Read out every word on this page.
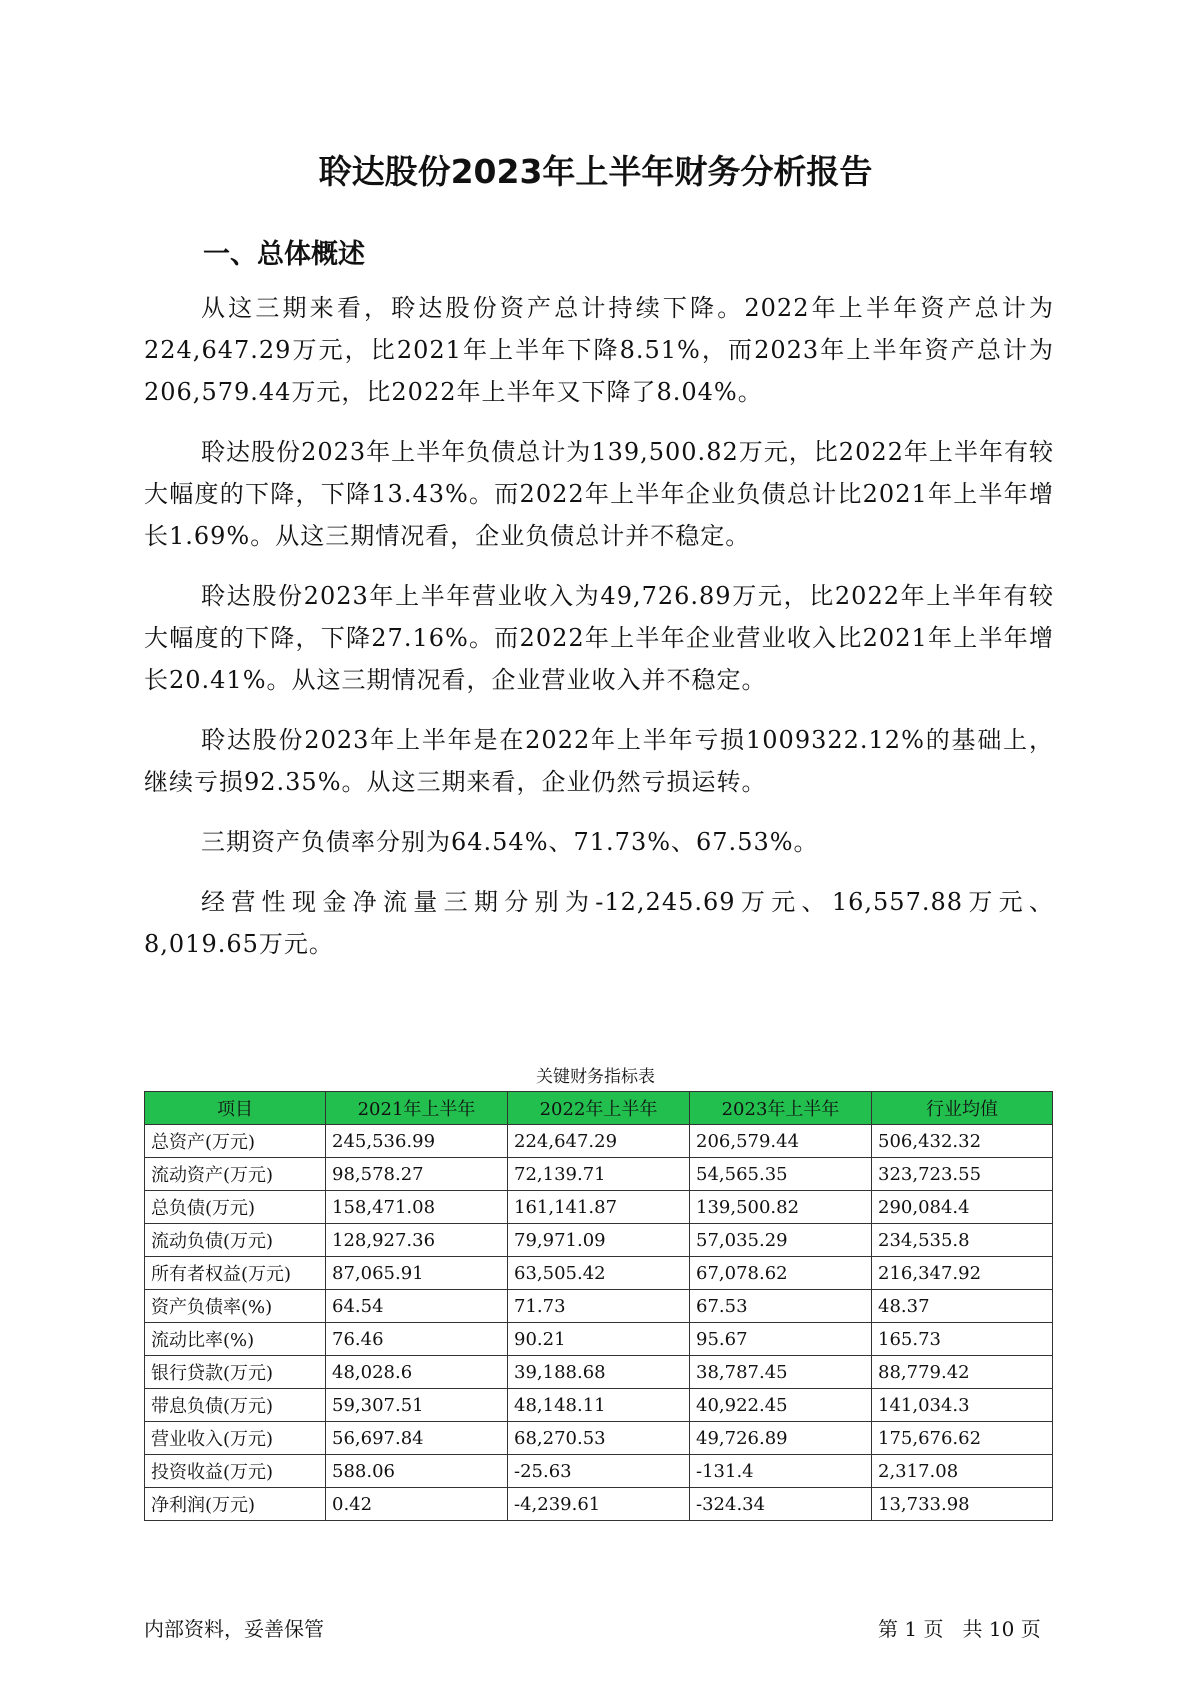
聆达股份2023年上半年财务分析报告
一、总体概述

从这三期来看，聆达股份资产总计持续下降。2022年上半年资产总计为224,647.29万元，比2021年上半年下降8.51%，而2023年上半年资产总计为206,579.44万元，比2022年上半年又下降了8.04%。

聆达股份2023年上半年负债总计为139,500.82万元，比2022年上半年有较大幅度的下降，下降13.43%。而2022年上半年企业负债总计比2021年上半年增长1.69%。从这三期情况看，企业负债总计并不稳定。

聆达股份2023年上半年营业收入为49,726.89万元，比2022年上半年有较大幅度的下降，下降27.16%。而2022年上半年企业营业收入比2021年上半年增长20.41%。从这三期情况看，企业营业收入并不稳定。

聆达股份2023年上半年是在2022年上半年亏损1009322.12%的基础上，继续亏损92.35%。从这三期来看，企业仍然亏损运转。

三期资产负债率分别为64.54%、71.73%、67.53%。

经营性现金净流量三期分别为-12,245.69万元、16,557.88万元、8,019.65万元。

关键财务指标表
项目	2021年上半年	2022年上半年	2023年上半年	行业均值
总资产(万元)	245,536.99	224,647.29	206,579.44	506,432.32
流动资产(万元)	98,578.27	72,139.71	54,565.35	323,723.55
总负债(万元)	158,471.08	161,141.87	139,500.82	290,084.4
流动负债(万元)	128,927.36	79,971.09	57,035.29	234,535.8
所有者权益(万元)	87,065.91	63,505.42	67,078.62	216,347.92
资产负债率(%)	64.54	71.73	67.53	48.37
流动比率(%)	76.46	90.21	95.67	165.73
银行贷款(万元)	48,028.6	39,188.68	38,787.45	88,779.42
带息负债(万元)	59,307.51	48,148.11	40,922.45	141,034.3
营业收入(万元)	56,697.84	68,270.53	49,726.89	175,676.62
投资收益(万元)	588.06	-25.63	-131.4	2,317.08
净利润(万元)	0.42	-4,239.61	-324.34	13,733.98
内部资料，妥善保管	第 1 页 共 10 页
